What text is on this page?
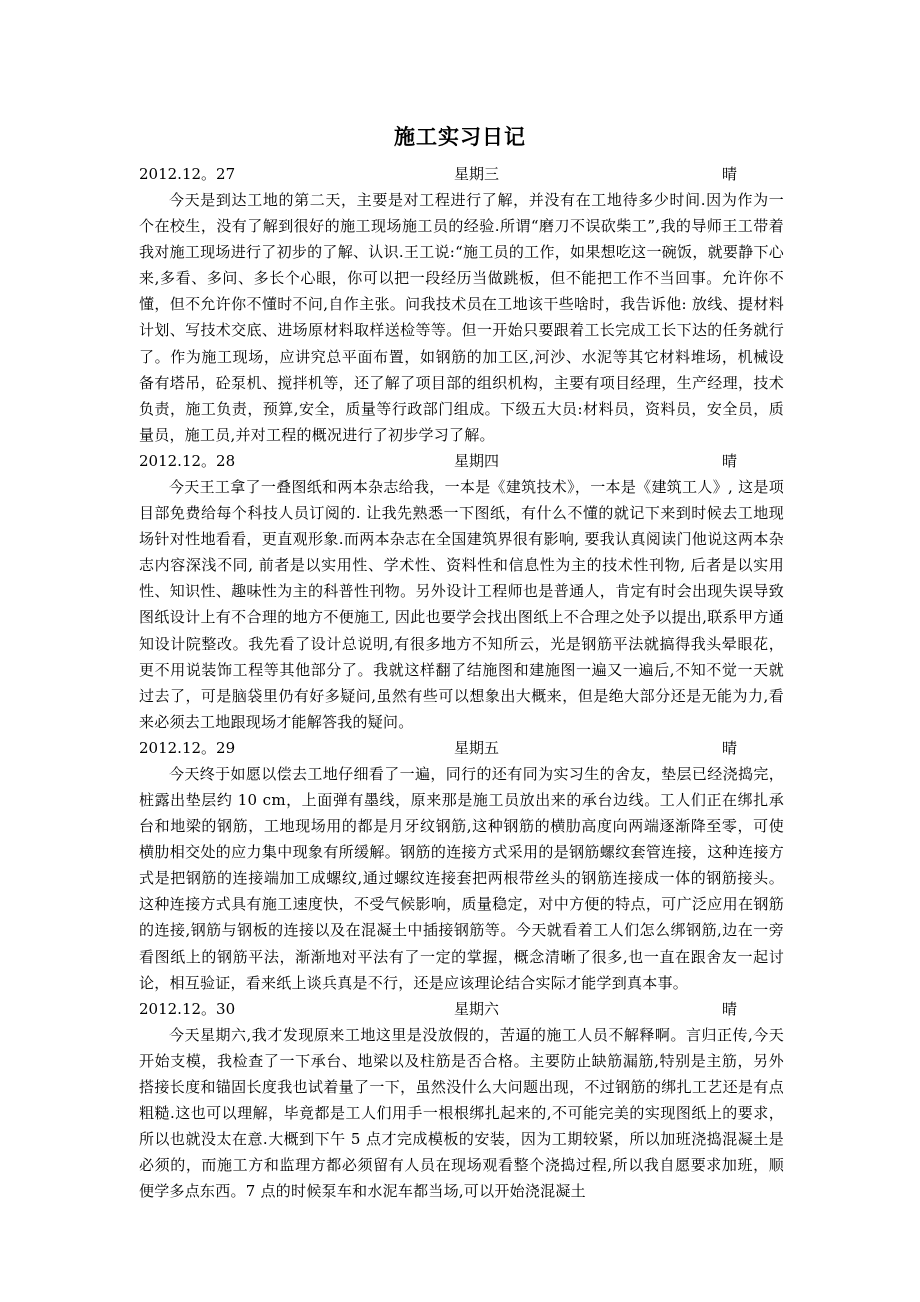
施工实习日记
2012.12。27	星期三	晴

今天是到达工地的第二天，主要是对工程进行了解，并没有在工地待多少时间.因为作为一个在校生，没有了解到很好的施工现场施工员的经验.所谓“磨刀不误砍柴工”,我的导师王工带着我对施工现场进行了初步的了解、认识.王工说:“施工员的工作，如果想吃这一碗饭，就要静下心来,多看、多问、多长个心眼，你可以把一段经历当做跳板，但不能把工作不当回事。允许你不懂，但不允许你不懂时不问,自作主张。问我技术员在工地该干些啥时，我告诉他: 放线、提材料计划、写技术交底、进场原材料取样送检等等。但一开始只要跟着工长完成工长下达的任务就行了。作为施工现场，应讲究总平面布置，如钢筋的加工区,河沙、水泥等其它材料堆场，机械设备有塔吊，砼泵机、搅拌机等，还了解了项目部的组织机构，主要有项目经理，生产经理，技术负责，施工负责，预算,安全，质量等行政部门组成。下级五大员:材料员，资料员，安全员，质量员，施工员,并对工程的概况进行了初步学习了解。

2012.12。28	星期四	晴

今天王工拿了一叠图纸和两本杂志给我，一本是《建筑技术》，一本是《建筑工人》, 这是项目部免费给每个科技人员订阅的. 让我先熟悉一下图纸，有什么不懂的就记下来到时候去工地现场针对性地看看，更直观形象.而两本杂志在全国建筑界很有影响, 要我认真阅读门他说这两本杂志内容深浅不同, 前者是以实用性、学术性、资料性和信息性为主的技术性刊物, 后者是以实用性、知识性、趣味性为主的科普性刊物。另外设计工程师也是普通人，肯定有时会出现失误导致图纸设计上有不合理的地方不便施工, 因此也要学会找出图纸上不合理之处予以提出,联系甲方通知设计院整改。我先看了设计总说明,有很多地方不知所云，光是钢筋平法就搞得我头晕眼花，更不用说装饰工程等其他部分了。我就这样翻了结施图和建施图一遍又一遍后,不知不觉一天就过去了，可是脑袋里仍有好多疑问,虽然有些可以想象出大概来，但是绝大部分还是无能为力,看来必须去工地跟现场才能解答我的疑问。

2012.12。29	星期五	晴

今天终于如愿以偿去工地仔细看了一遍，同行的还有同为实习生的舍友，垫层已经浇捣完，桩露出垫层约 10 cm，上面弹有墨线，原来那是施工员放出来的承台边线。工人们正在绑扎承台和地梁的钢筋，工地现场用的都是月牙纹钢筋,这种钢筋的横肋高度向两端逐渐降至零，可使横肋相交处的应力集中现象有所缓解。钢筋的连接方式采用的是钢筋螺纹套管连接，这种连接方式是把钢筋的连接端加工成螺纹,通过螺纹连接套把两根带丝头的钢筋连接成一体的钢筋接头。这种连接方式具有施工速度快，不受气候影响，质量稳定，对中方便的特点，可广泛应用在钢筋的连接,钢筋与钢板的连接以及在混凝土中插接钢筋等。今天就看着工人们怎么绑钢筋,边在一旁看图纸上的钢筋平法，渐渐地对平法有了一定的掌握，概念清晰了很多,也一直在跟舍友一起讨论，相互验证，看来纸上谈兵真是不行，还是应该理论结合实际才能学到真本事。

2012.12。30	星期六	晴

今天星期六,我才发现原来工地这里是没放假的，苦逼的施工人员不解释啊。言归正传,今天开始支模，我检查了一下承台、地梁以及柱筋是否合格。主要防止缺筋漏筋,特别是主筋，另外搭接长度和锚固长度我也试着量了一下，虽然没什么大问题出现，不过钢筋的绑扎工艺还是有点粗糙.这也可以理解，毕竟都是工人们用手一根根绑扎起来的,不可能完美的实现图纸上的要求，所以也就没太在意.大概到下午 5 点才完成模板的安装，因为工期较紧，所以加班浇捣混凝土是必须的，而施工方和监理方都必须留有人员在现场观看整个浇捣过程,所以我自愿要求加班，顺便学多点东西。7 点的时候泵车和水泥车都当场,可以开始浇混凝土
